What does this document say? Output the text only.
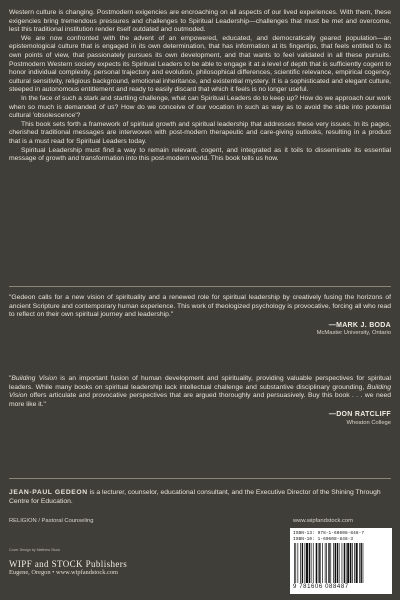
Western culture is changing. Postmodern exigencies are encroaching on all aspects of our lived experiences. With them, these exigencies bring tremendous pressures and challenges to Spiritual Leadership—challenges that must be met and overcome, lest this traditional institution render itself outdated and outmoded.

We are now confronted with the advent of an empowered, educated, and democratically geared population—an epistemological culture that is engaged in its own determination, that has information at its fingertips, that feels entitled to its own points of view, that passionately pursues its own development, and that wants to feel validated in all these pursuits. Postmodern Western society expects its Spiritual Leaders to be able to engage it at a level of depth that is sufficiently cogent to honor individual complexity, personal trajectory and evolution, philosophical differences, scientific relevance, empirical cogency, cultural sensitivity, religious background, emotional inheritance, and existential mystery. It is a sophisticated and elegant culture, steeped in autonomous entitlement and ready to easily discard that which it feels is no longer useful.

In the face of such a stark and startling challenge, what can Spiritual Leaders do to keep up? How do we approach our work when so much is demanded of us? How do we conceive of our vocation in such as way as to avoid the slide into potential cultural 'obsolescence'?

This book sets forth a framework of spiritual growth and spiritual leadership that addresses these very issues. In its pages, cherished traditional messages are interwoven with post-modern therapeutic and care-giving outlooks, resulting in a product that is a must read for Spiritual Leaders today.

Spiritual Leadership must find a way to remain relevant, cogent, and integrated as it toils to disseminate its essential message of growth and transformation into this post-modern world. This book tells us how.

"Gedeon calls for a new vision of spirituality and a renewed role for spiritual leadership by creatively fusing the horizons of ancient Scripture and contemporary human experience. This work of theologized psychology is provocative, forcing all who read to reflect on their own spiritual journey and leadership."

—MARK J. BODA
McMaster University, Ontario

"Building Vision is an important fusion of human development and spirituality, providing valuable perspectives for spiritual leaders. While many books on spiritual leadership lack intellectual challenge and substantive disciplinary grounding, Building Vision offers articulate and provocative perspectives that are argued thoroughly and persuasively. Buy this book . . . we need more like it."

—DON RATCLIFF
Wheaton College
JEAN-PAUL GEDEON is a lecturer, counselor, educational consultant, and the Executive Director of the Shining Through Centre for Education.
RELIGION / Pastoral Counseling	www.wipfandstock.com
Cover Design by Matthew Stock
WIPF and STOCK Publishers
Eugene, Oregon • www.wipfandstock.com
ISBN-13: 978-1-60608-848-7
ISBN-10: 1-60608-848-3
9 781606 088487
